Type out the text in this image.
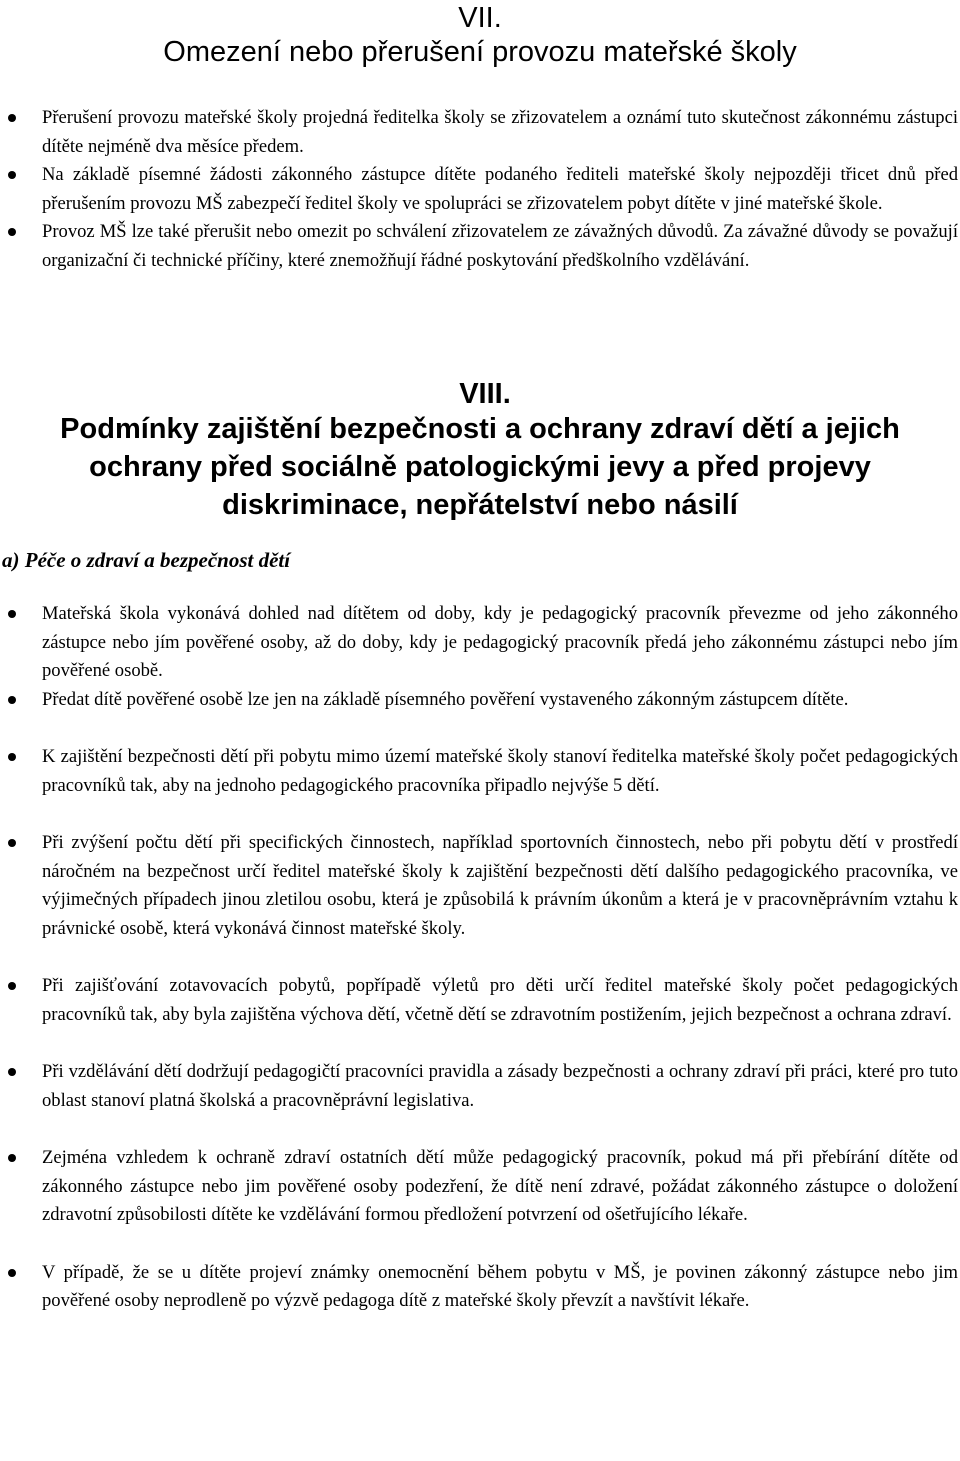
VII.
Omezení nebo přerušení provozu mateřské školy
Přerušení provozu mateřské školy projedná ředitelka školy se zřizovatelem a oznámí tuto skutečnost zákonnému zástupci dítěte nejméně dva měsíce předem.
Na základě písemné žádosti zákonného zástupce dítěte podaného řediteli mateřské školy nejpozději třicet dnů před přerušením provozu MŠ zabezpečí ředitel školy ve spolupráci se zřizovatelem pobyt dítěte v jiné mateřské škole.
Provoz MŠ lze také přerušit nebo omezit po schválení zřizovatelem ze závažných důvodů. Za závažné důvody se považují organizační či technické příčiny, které znemožňují řádné poskytování předškolního vzdělávání.
VIII.
Podmínky zajištění bezpečnosti a ochrany zdraví dětí a jejich
ochrany před sociálně patologickými jevy a před projevy
diskriminace, nepřátelství nebo násilí
a) Péče o zdraví a bezpečnost dětí
Mateřská škola vykonává dohled nad dítětem od doby, kdy je pedagogický pracovník převezme od jeho zákonného zástupce nebo jím pověřené osoby, až do doby, kdy je pedagogický pracovník předá jeho zákonnému zástupci nebo jím pověřené osobě.
Předat dítě pověřené osobě lze jen na základě písemného pověření vystaveného zákonným zástupcem dítěte.
K zajištění bezpečnosti dětí při pobytu mimo území mateřské školy stanoví ředitelka mateřské školy počet pedagogických pracovníků tak, aby na jednoho pedagogického pracovníka připadlo nejvýše 5 dětí.
Při zvýšení počtu dětí při specifických činnostech, například sportovních činnostech, nebo při pobytu dětí v prostředí náročném na bezpečnost určí ředitel mateřské školy k zajištění bezpečnosti dětí dalšího pedagogického pracovníka, ve výjimečných případech jinou zletilou osobu, která je způsobilá k právním úkonům a která je v pracovněprávním vztahu k právnické osobě, která vykonává činnost mateřské školy.
Při zajišťování zotavovacích pobytů, popřípadě výletů pro děti určí ředitel mateřské školy počet pedagogických pracovníků tak, aby byla zajištěna výchova dětí, včetně dětí se zdravotním postižením, jejich bezpečnost a ochrana zdraví.
Při vzdělávání dětí dodržují pedagogičtí pracovníci pravidla a zásady bezpečnosti a ochrany zdraví při práci, které pro tuto oblast stanoví platná školská a pracovněprávní legislativa.
Zejména vzhledem k ochraně zdraví ostatních dětí může pedagogický pracovník, pokud má při přebírání dítěte od zákonného zástupce nebo jim pověřené osoby podezření, že dítě není zdravé, požádat zákonného zástupce o doložení zdravotní způsobilosti dítěte ke vzdělávání formou předložení potvrzení od ošetřujícího lékaře.
V případě, že se u dítěte projeví známky onemocnění během pobytu v MŠ, je povinen zákonný zástupce nebo jim pověřené osoby neprodleně po výzvě pedagoga dítě z mateřské školy převzít a navštívit lékaře.
